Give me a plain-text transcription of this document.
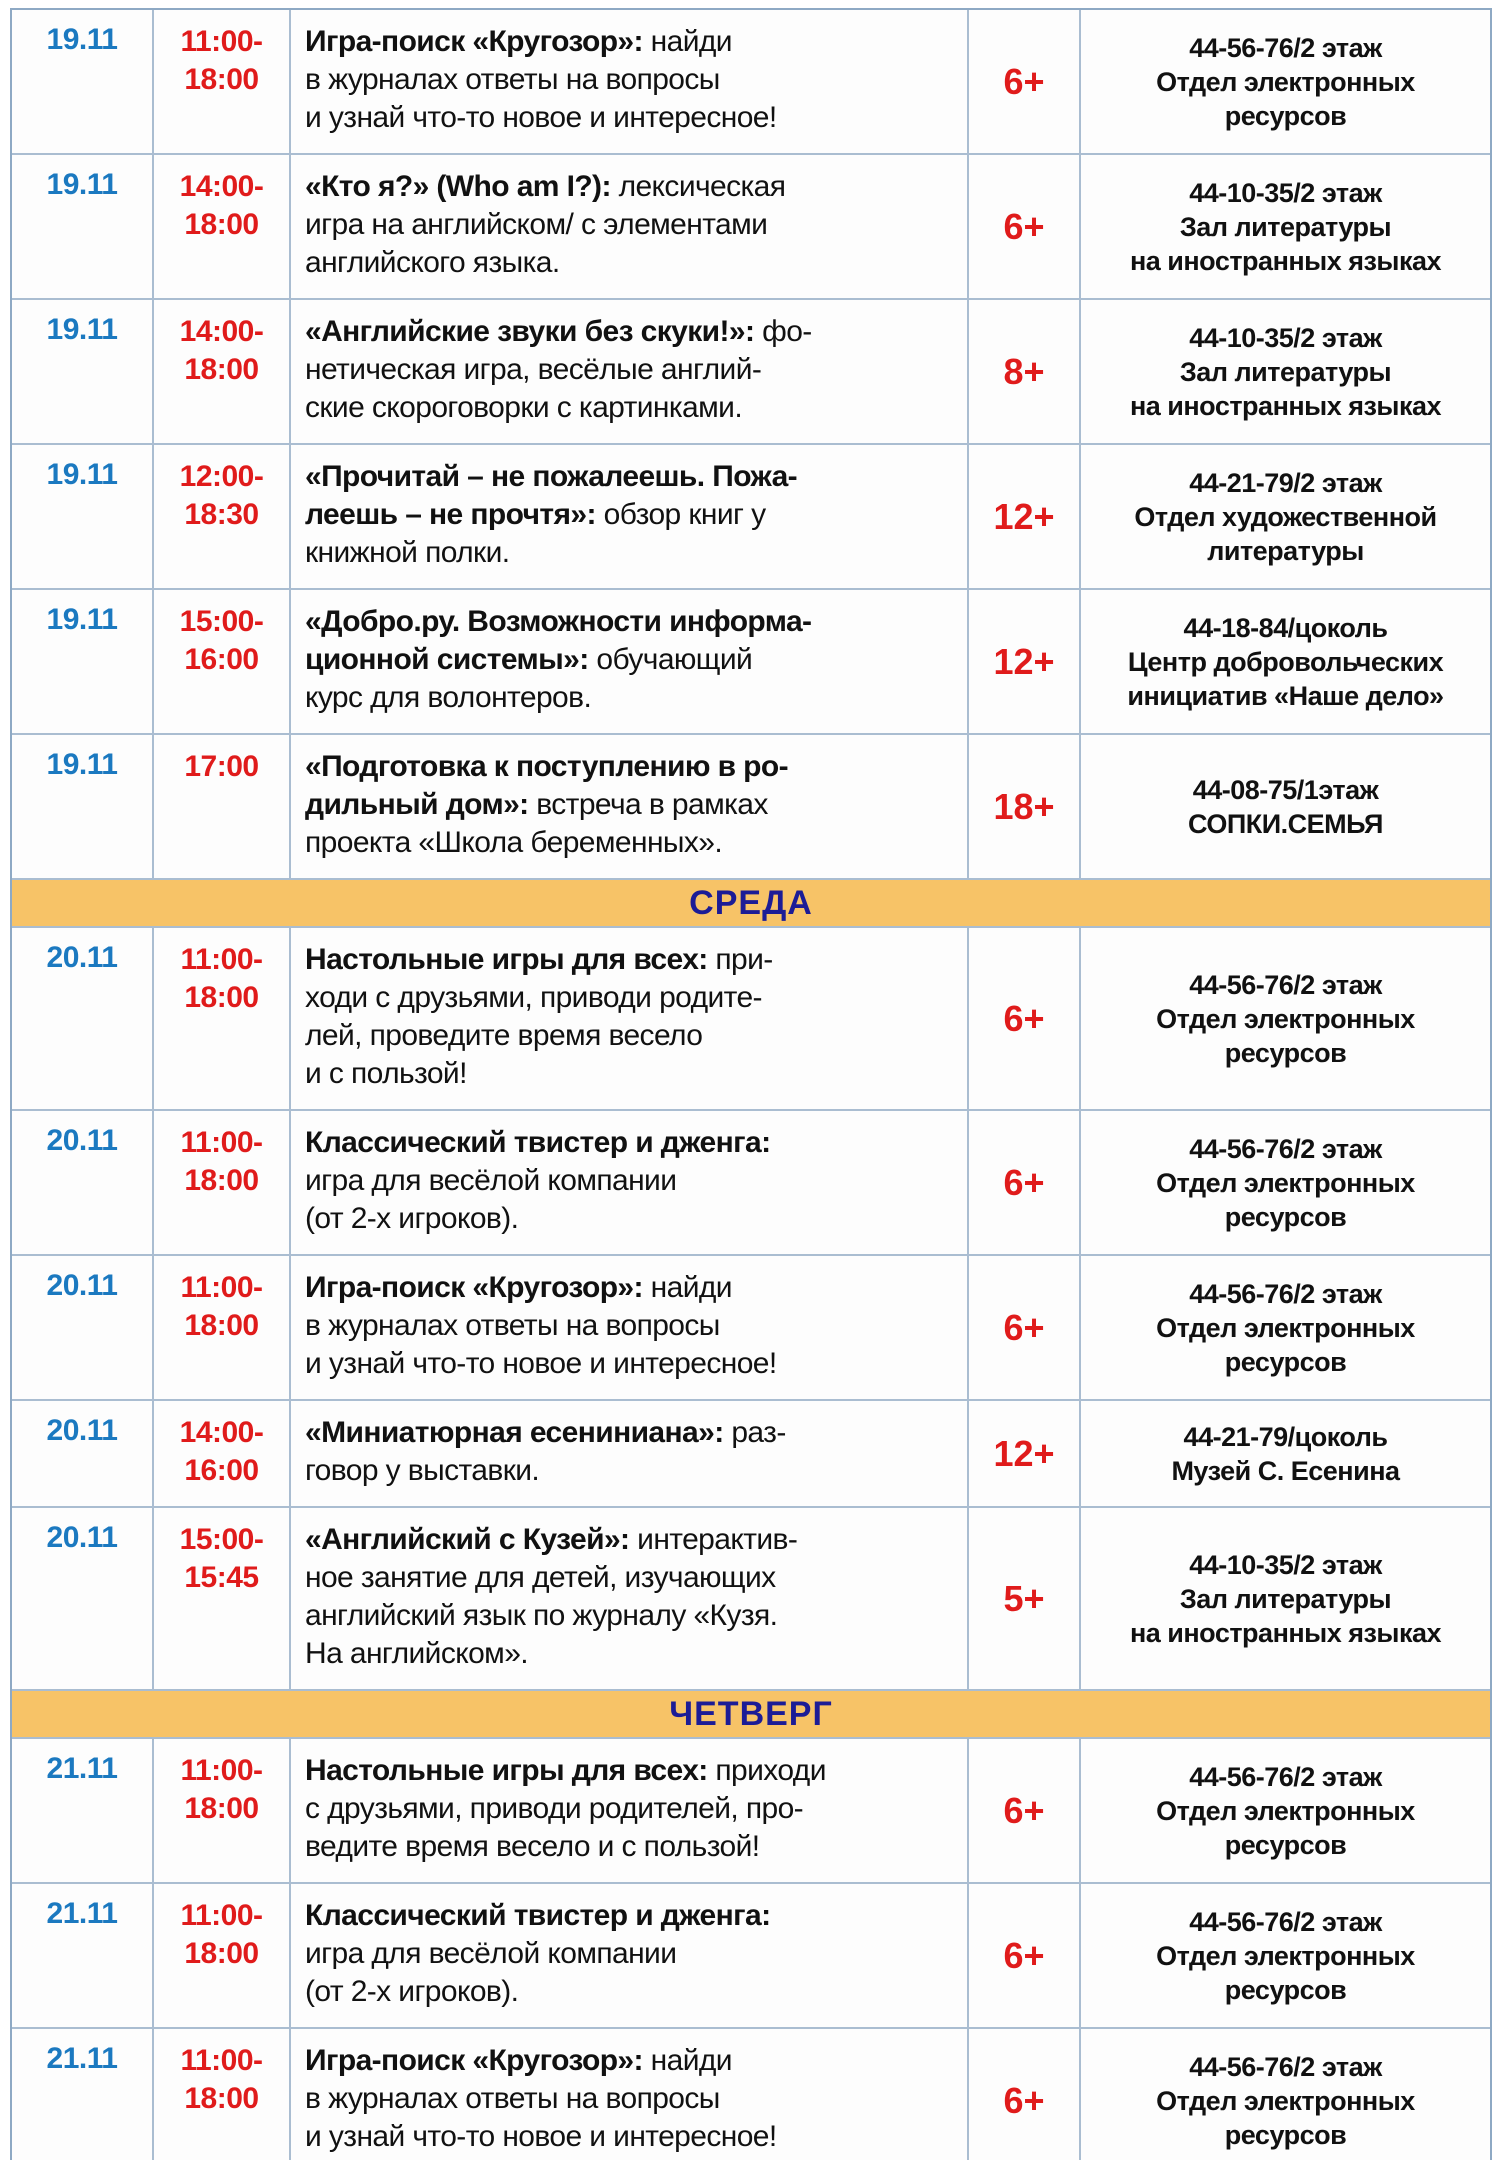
19.11	11:00-
18:00
Игра-поиск «Кругозор»: найди
в журналах ответы на вопросы
и узнай что-то новое и интересное!
6+
44-56-76/2 этаж
Отдел электронных
ресурсов
19.11	14:00-
18:00
«Кто я?» (Who am I?): лексическая
игра на английском/ с элементами
английского языка.
6+
44-10-35/2 этаж
Зал литературы
на иностранных языках
19.11	14:00-
18:00
«Английские звуки без скуки!»: фо-
нетическая игра, весёлые англий-
ские скороговорки с картинками.
8+
44-10-35/2 этаж
Зал литературы
на иностранных языках
19.11	12:00-
18:30
«Прочитай – не пожалеешь. Пожа-
леешь – не прочтя»: обзор книг у
книжной полки.
12+
44-21-79/2 этаж
Отдел художественной
литературы
19.11	15:00-
16:00
«Добро.ру. Возможности информа-
ционной системы»: обучающий
курс для волонтеров.
12+
44-18-84/цоколь
Центр добровольческих
инициатив «Наше дело»
19.11	17:00	«Подготовка к поступлению в ро-
дильный дом»: встреча в рамках
проекта «Школа беременных».
18+	44-08-75/1этаж
СОПКИ.СЕМЬЯ
СРЕДА
20.11	11:00-
18:00
Настольные игры для всех: при-
ходи с друзьями, приводи родите-
лей, проведите время весело
и с пользой!
6+
44-56-76/2 этаж
Отдел электронных
ресурсов
20.11	11:00-
18:00
Классический твистер и дженга:
игра для весёлой компании
(от 2-х игроков).
6+
44-56-76/2 этаж
Отдел электронных
ресурсов
20.11	11:00-
18:00
Игра-поиск «Кругозор»: найди
в журналах ответы на вопросы
и узнай что-то новое и интересное!
6+
44-56-76/2 этаж
Отдел электронных
ресурсов
20.11	14:00-
16:00
«Миниатюрная есениниана»: раз-
говор у выставки.	12+	44-21-79/цоколь
Музей С. Есенина
20.11	15:00-
15:45
«Английский с Кузей»: интерактив-
ное занятие для детей, изучающих
английский язык по журналу «Кузя.
На английском».
5+
44-10-35/2 этаж
Зал литературы
на иностранных языках
ЧЕТВЕРГ
21.11	11:00-
18:00
Настольные игры для всех: приходи
с друзьями, приводи родителей, про-
ведите время весело и с пользой!
6+
44-56-76/2 этаж
Отдел электронных
ресурсов
21.11	11:00-
18:00
Классический твистер и дженга:
игра для весёлой компании
(от 2-х игроков).
6+
44-56-76/2 этаж
Отдел электронных
ресурсов
21.11	11:00-
18:00
Игра-поиск «Кругозор»: найди
в журналах ответы на вопросы
и узнай что-то новое и интересное!
6+
44-56-76/2 этаж
Отдел электронных
ресурсов
